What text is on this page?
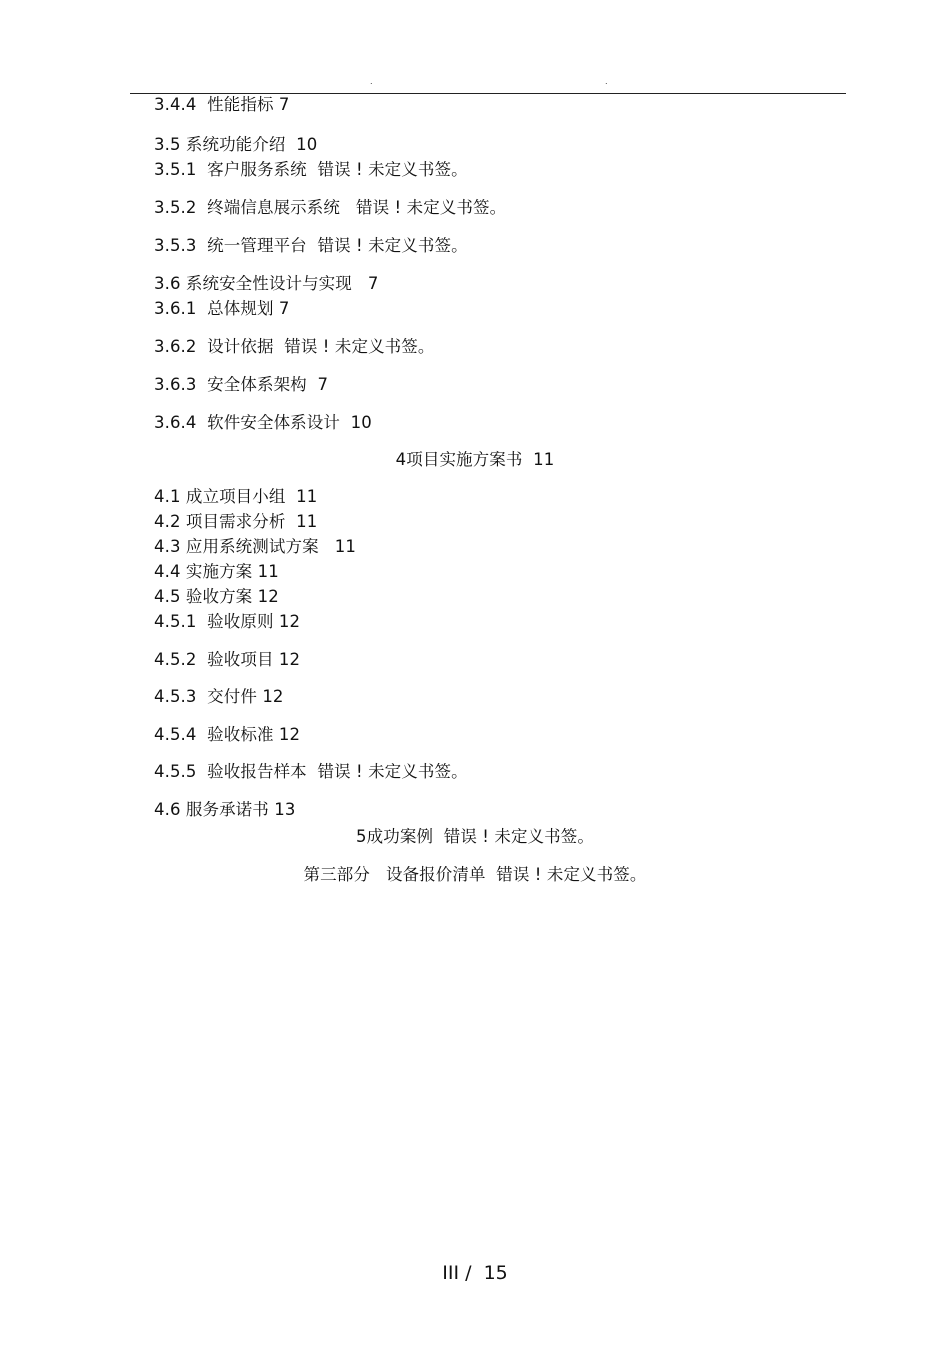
.	.
3.4.4  性能指标 7
3.5 系统功能介绍  10
3.5.1  客户服务系统  错误 ! 未定义书签。
3.5.2  终端信息展示系统   错误 ! 未定义书签。
3.5.3  统一管理平台  错误 ! 未定义书签。
3.6 系统安全性设计与实现   7
3.6.1  总体规划 7
3.6.2  设计依据  错误 ! 未定义书签。
3.6.3  安全体系架构  7
3.6.4  软件安全体系设计  10
4项目实施方案书  11
4.1 成立项目小组  11
4.2 项目需求分析  11
4.3 应用系统测试方案   11
4.4 实施方案 11
4.5 验收方案 12
4.5.1  验收原则 12
4.5.2  验收项目 12
4.5.3  交付件 12
4.5.4  验收标准 12
4.5.5  验收报告样本  错误 ! 未定义书签。
4.6 服务承诺书 13
5成功案例  错误 ! 未定义书签。
第三部分   设备报价清单  错误 ! 未定义书签。
III /  15
